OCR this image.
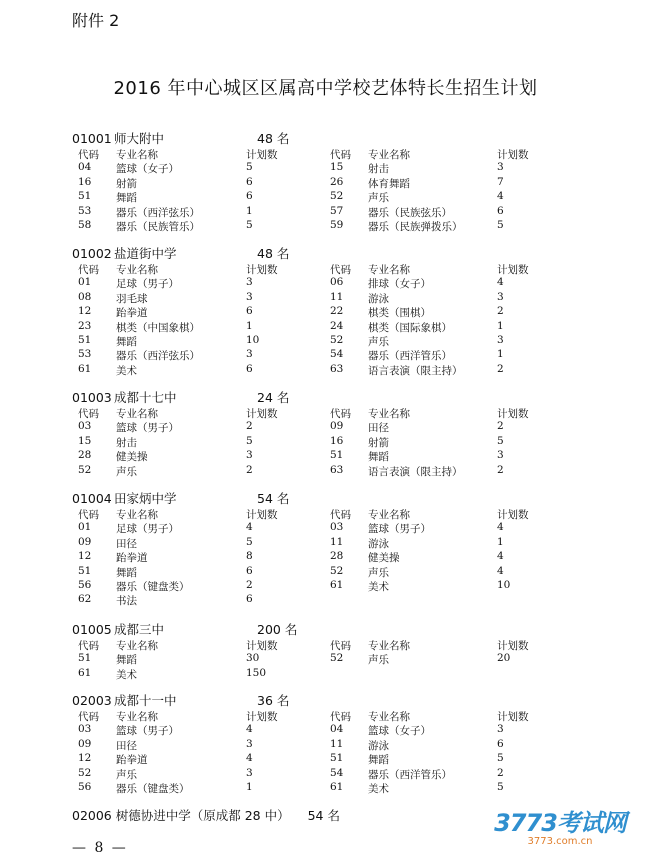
附件 2
2016 年中心城区区属高中学校艺体特长生招生计划
01001 师大附中	48 名
代码 专业名称	计划数	代码 专业名称	计划数
04 篮球（女子）	5	15 射击	3
16 射箭	6	26 体育舞蹈	7
51 舞蹈	6	52 声乐	4
53 器乐（西洋弦乐）	1	57 器乐（民族弦乐）	6
58 器乐（民族管乐）	5	59 器乐（民族弹拨乐）	5
01002 盐道街中学	48 名
代码 专业名称	计划数	代码 专业名称	计划数
01 足球（男子）	3	06 排球（女子）	4
08 羽毛球	3	11 游泳	3
12 跆拳道	6	22 棋类（围棋）	2
23 棋类（中国象棋）	1	24 棋类（国际象棋）	1
51 舞蹈	10	52 声乐	3
53 器乐（西洋弦乐）	3	54 器乐（西洋管乐）	1
61 美术	6	63 语言表演（限主持）	2
01003 成都十七中	24 名
代码 专业名称	计划数	代码 专业名称	计划数
03 篮球（男子）	2	09 田径	2
15 射击	5	16 射箭	5
28 健美操	3	51 舞蹈	3
52 声乐	2	63 语言表演（限主持）	2
01004 田家炳中学	54 名
代码 专业名称	计划数	代码 专业名称	计划数
01 足球（男子）	4	03 篮球（男子）	4
09 田径	5	11 游泳	1
12 跆拳道	8	28 健美操	4
51 舞蹈	6	52 声乐	4
56 器乐（键盘类）	2	61 美术	10
62 书法	6
01005 成都三中	200 名
代码 专业名称	计划数	代码 专业名称	计划数
51 舞蹈	30	52 声乐	20
61 美术	150
02003 成都十一中	36 名
代码 专业名称	计划数	代码 专业名称	计划数
03 篮球（男子）	4	04 篮球（女子）	3
09 田径	3	11 游泳	6
12 跆拳道	4	51 舞蹈	5
52 声乐	3	54 器乐（西洋管乐）	2
56 器乐（键盘类）	1	61 美术	5
02006 树德协进中学（原成都 28 中） 54 名
— 8 —
3773考试网
3773.com.cn
